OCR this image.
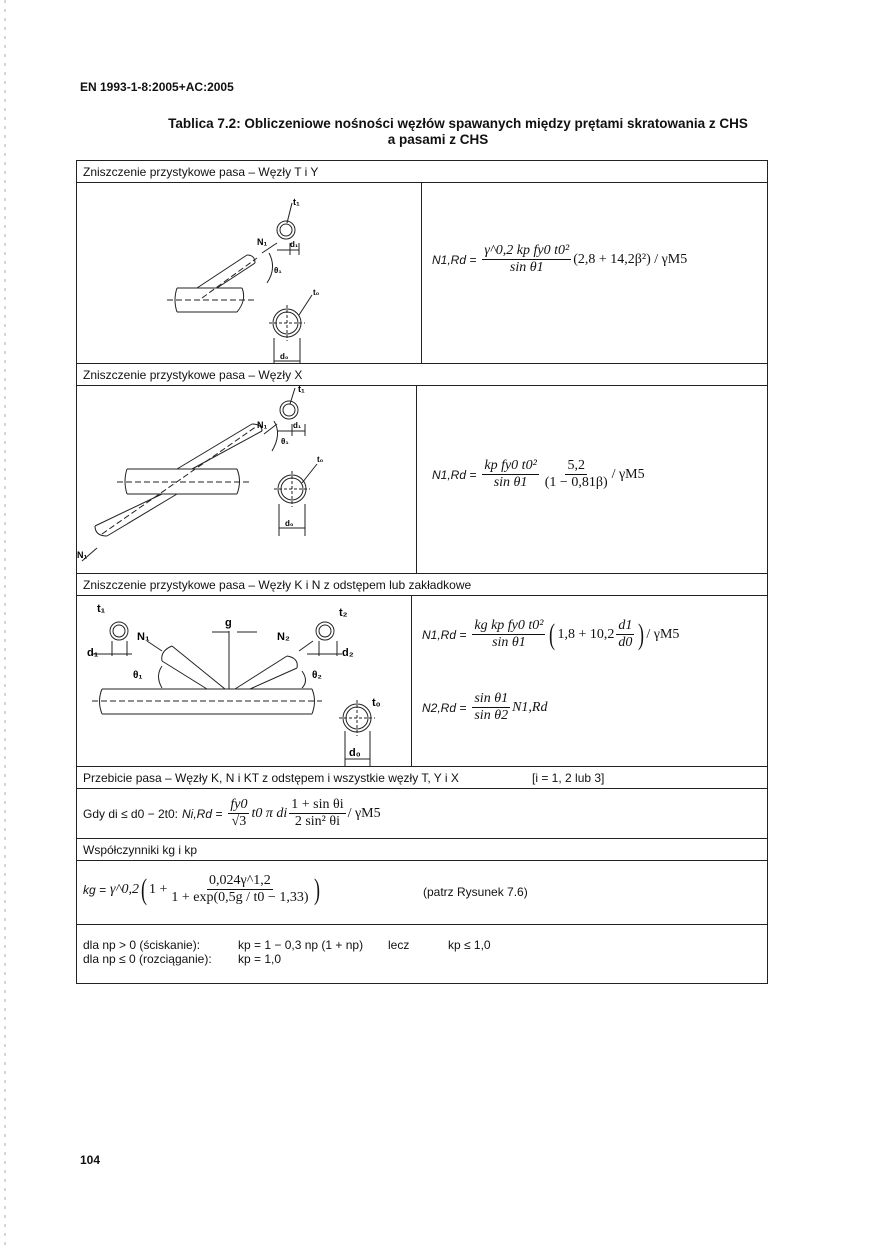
EN 1993-1-8:2005+AC:2005
Tablica 7.2: Obliczeniowe nośności węzłów spawanych między prętami skratowania z CHS
a pasami z CHS
Zniszczenie przystykowe pasa – Węzły T i Y
t₁
N₁	d₁
θ₁
t₀
d₀
$N1,Rd = \frac{\text{γ\textasciicircum{}0,2 kp fy0 t0²}}{\text{sin θ1}} (2,8 + 14,2\beta^2) / \gamma M5$
Zniszczenie przystykowe pasa – Węzły X
t₁
N₁	d₁
θ₁
t₀
d₀
N₁
$N1,Rd = \frac{\text{kp fy0 t0²}}{\text{sin θ1}} \frac{5,2}{(1 - 0,81\beta)} / \gamma M5$
Zniszczenie przystykowe pasa – Węzły K i N z odstępem lub zakładkowe
t₁
d₁
N₁
g
N₂
t₂
d₂
θ₁	θ₂
t₀
d₀
$N1,Rd = \frac{\text{kg kp fy0 t0²}}{\text{sin θ1}}$ ( $1,8 + 10,2 \frac{d1}{d0}$ ) / γM5
$N2,Rd = \frac{\text{sin θ1}}{\text{sin θ2}} N1,Rd$
Przebicie pasa – Węzły K, N i KT z odstępem i wszystkie węzły T, Y i X	[i = 1, 2 lub 3]
Gdy di ≤ d0 − 2t0: $Ni,Rd = \frac{fy0}{√3} t0$ π di $\frac{\text{1 + sin θi}}{\text{2 sin² θi}} / \gamma M5$
Współczynniki kg i kp
kg = γ^0,2 ( $1 + \frac{0,024\gamma\^{}1,2}{1 + \exp(0,5g / t0 - 1,33)}$ )	(patrz Rysunek 7.6)
dla np > 0 (ściskanie):	kp = 1 − 0,3 np (1 + np)	lecz	kp ≤ 1,0
dla np ≤ 0 (rozciąganie):	kp = 1,0
104
